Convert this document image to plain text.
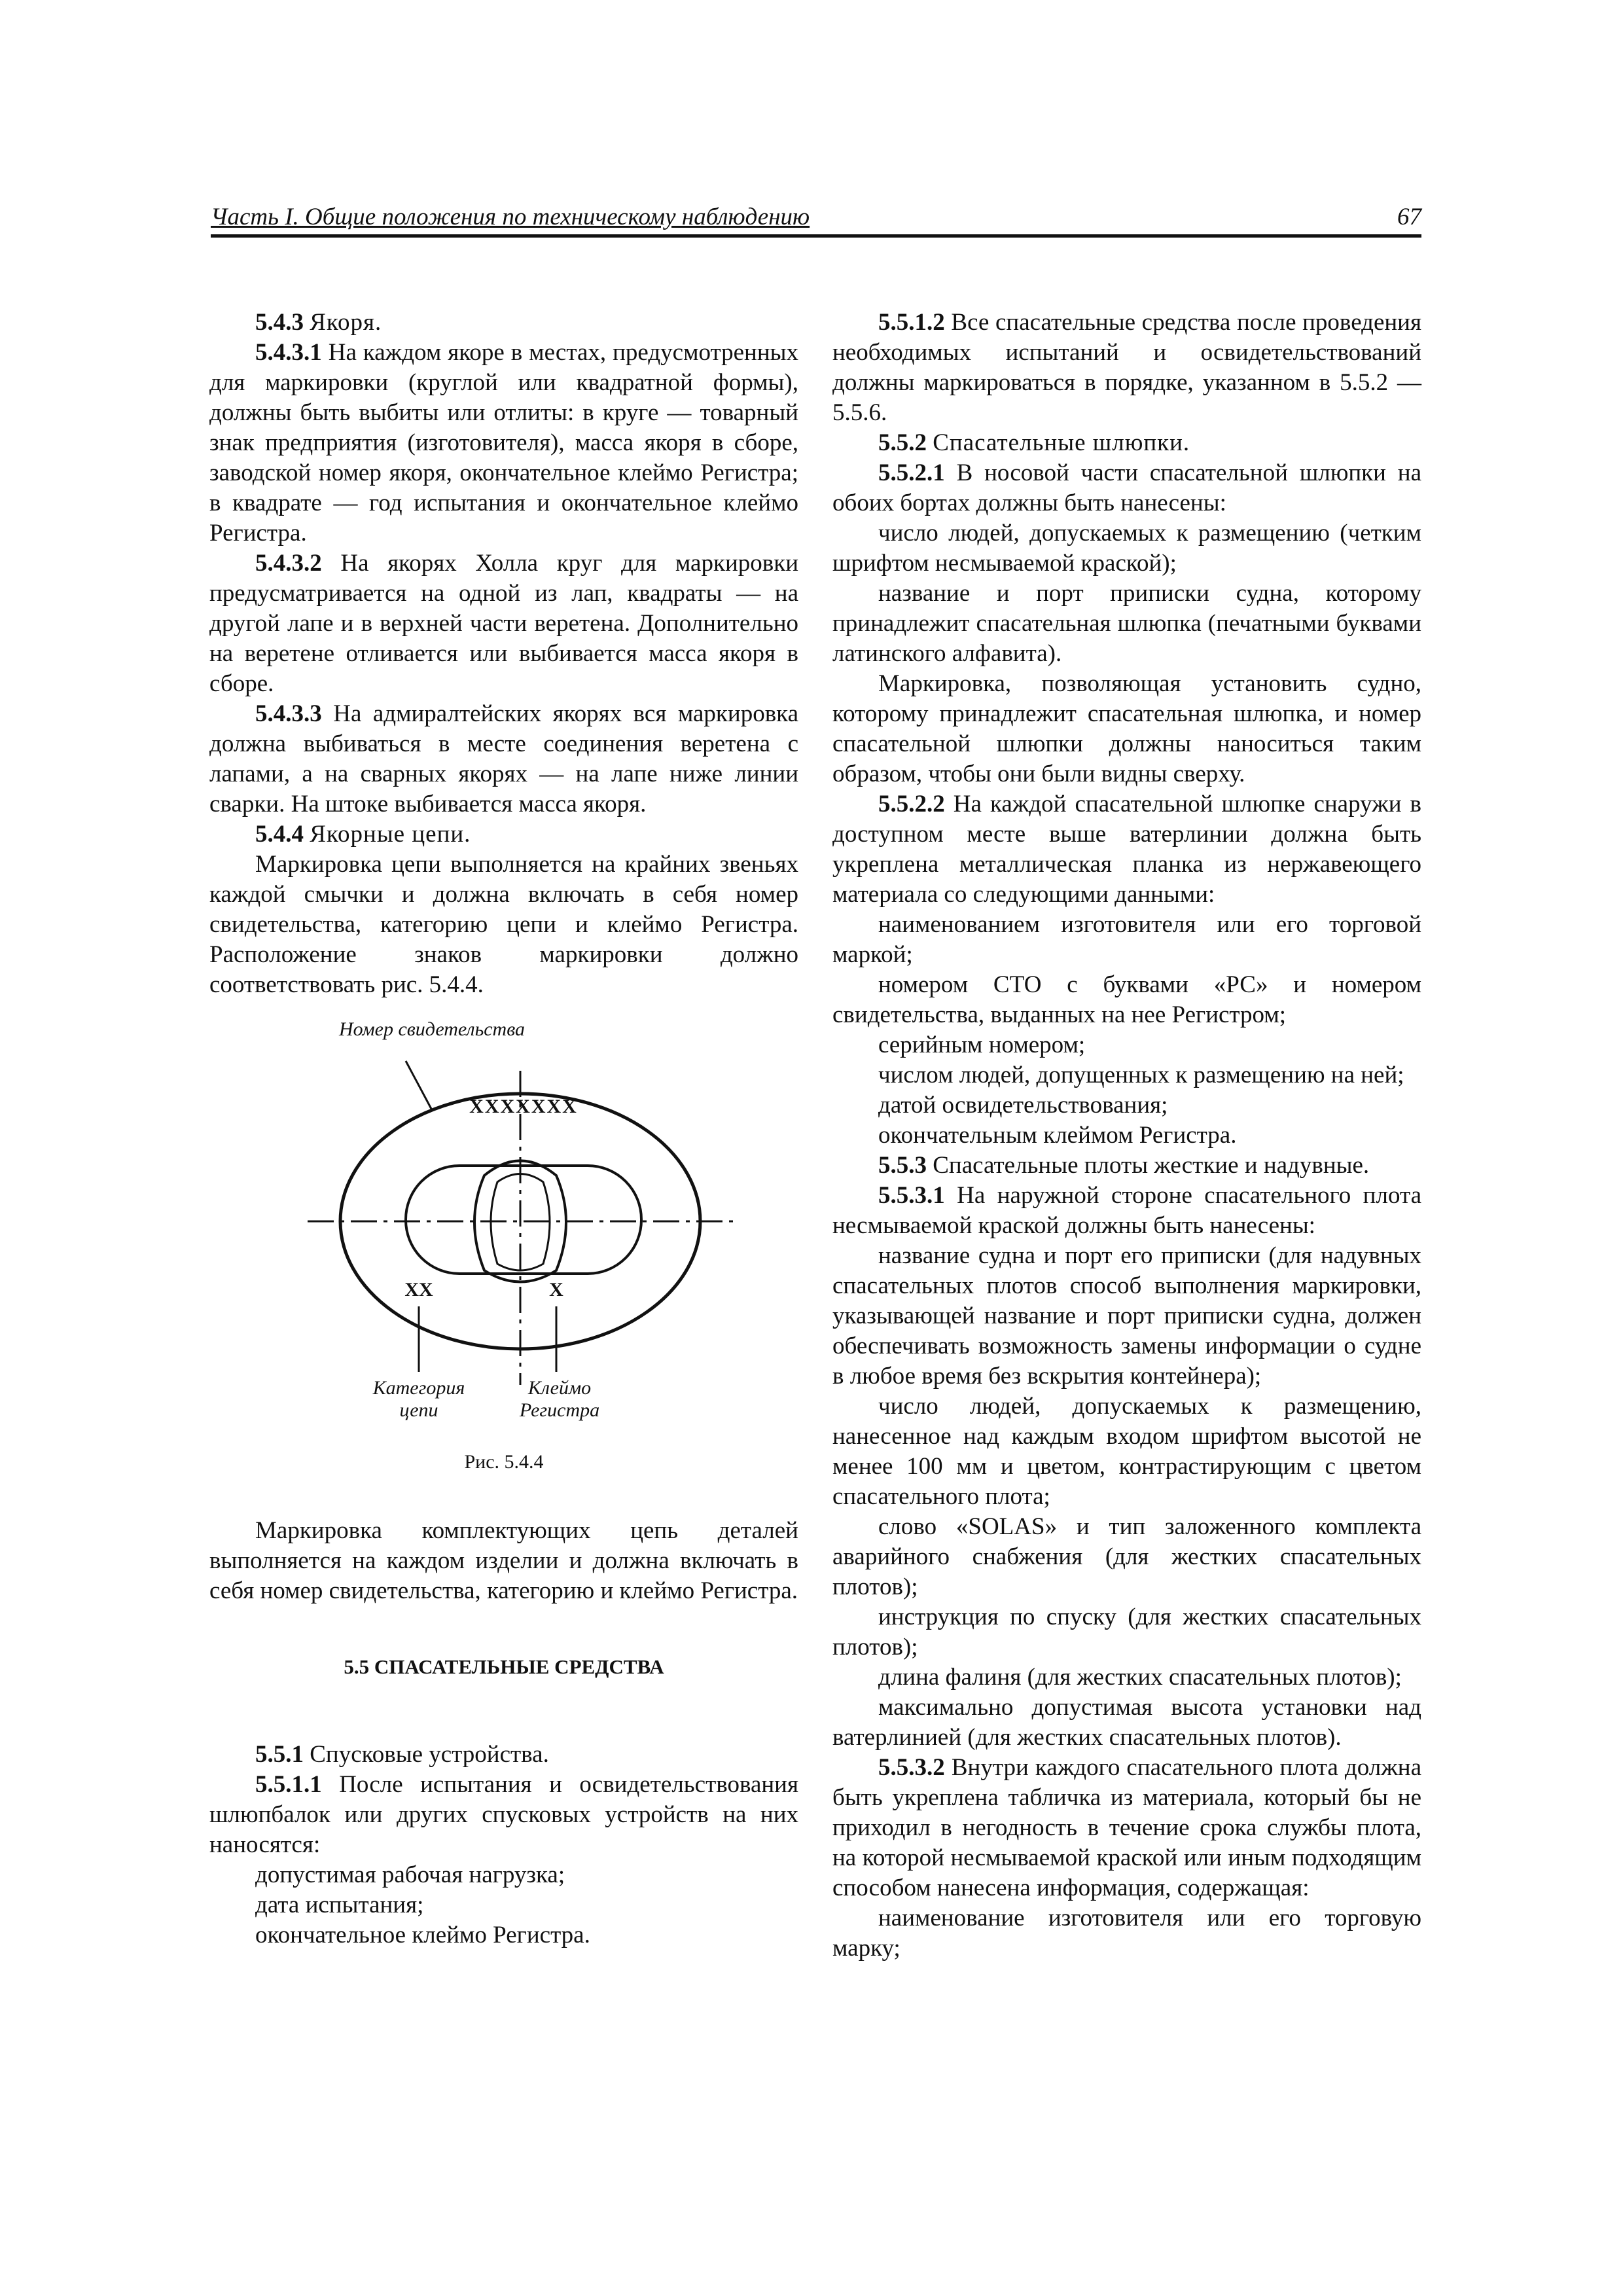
Часть I. Общие положения по техническому наблюдению	67

5.4.3 Якоря.

5.4.3.1 На каждом якоре в местах, предусмотренных для маркировки (круглой или квадратной формы), должны быть выбиты или отлиты: в круге — товарный знак предприятия (изготовителя), масса якоря в сборе, заводской номер якоря, окончательное клеймо Регистра; в квадрате — год испытания и окончательное клеймо Регистра.

5.4.3.2 На якорях Холла круг для маркировки предусматривается на одной из лап, квадраты — на другой лапе и в верхней части веретена. Дополнительно на веретене отливается или выбивается масса якоря в сборе.

5.4.3.3 На адмиралтейских якорях вся маркировка должна выбиваться в месте соединения веретена с лапами, а на сварных якорях — на лапе ниже линии сварки. На штоке выбивается масса якоря.

5.4.4 Якорные цепи.

Маркировка цепи выполняется на крайних звеньях каждой смычки и должна включать в себя номер свидетельства, категорию цепи и клеймо Регистра. Расположение знаков маркировки должно соответствовать рис. 5.4.4.

Номер свидетельства
XXXXXXX
XX	X
Категория
цепи
Клеймо
Регистра
Рис. 5.4.4

Маркировка комплектующих цепь деталей выполняется на каждом изделии и должна включать в себя номер свидетельства, категорию и клеймо Регистра.

5.5 СПАСАТЕЛЬНЫЕ СРЕДСТВА

5.5.1 Спусковые устройства.

5.5.1.1 После испытания и освидетельствования шлюпбалок или других спусковых устройств на них наносятся:

допустимая рабочая нагрузка;

дата испытания;

окончательное клеймо Регистра.

5.5.1.2 Все спасательные средства после проведения необходимых испытаний и освидетельствований должны маркироваться в порядке, указанном в 5.5.2 — 5.5.6.

5.5.2 Спасательные шлюпки.

5.5.2.1 В носовой части спасательной шлюпки на обоих бортах должны быть нанесены:

число людей, допускаемых к размещению (четким шрифтом несмываемой краской);

название и порт приписки судна, которому принадлежит спасательная шлюпка (печатными буквами латинского алфавита).

Маркировка, позволяющая установить судно, которому принадлежит спасательная шлюпка, и номер спасательной шлюпки должны наноситься таким образом, чтобы они были видны сверху.

5.5.2.2 На каждой спасательной шлюпке снаружи в доступном месте выше ватерлинии должна быть укреплена металлическая планка из нержавеющего материала со следующими данными:

наименованием изготовителя или его торговой маркой;

номером СТО с буквами «РС» и номером свидетельства, выданных на нее Регистром;

серийным номером;

числом людей, допущенных к размещению на ней;

датой освидетельствования;

окончательным клеймом Регистра.

5.5.3 Спасательные плоты жесткие и надувные.

5.5.3.1 На наружной стороне спасательного плота несмываемой краской должны быть нанесены:

название судна и порт его приписки (для надувных спасательных плотов способ выполнения маркировки, указывающей название и порт приписки судна, должен обеспечивать возможность замены информации о судне в любое время без вскрытия контейнера);

число людей, допускаемых к размещению, нанесенное над каждым входом шрифтом высотой не менее 100 мм и цветом, контрастирующим с цветом спасательного плота;

слово «SOLAS» и тип заложенного комплекта аварийного снабжения (для жестких спасательных плотов);

инструкция по спуску (для жестких спасательных плотов);

длина фалиня (для жестких спасательных плотов);

максимально допустимая высота установки над ватерлинией (для жестких спасательных плотов).

5.5.3.2 Внутри каждого спасательного плота должна быть укреплена табличка из материала, который бы не приходил в негодность в течение срока службы плота, на которой несмываемой краской или иным подходящим способом нанесена информация, содержащая:

наименование изготовителя или его торговую марку;
